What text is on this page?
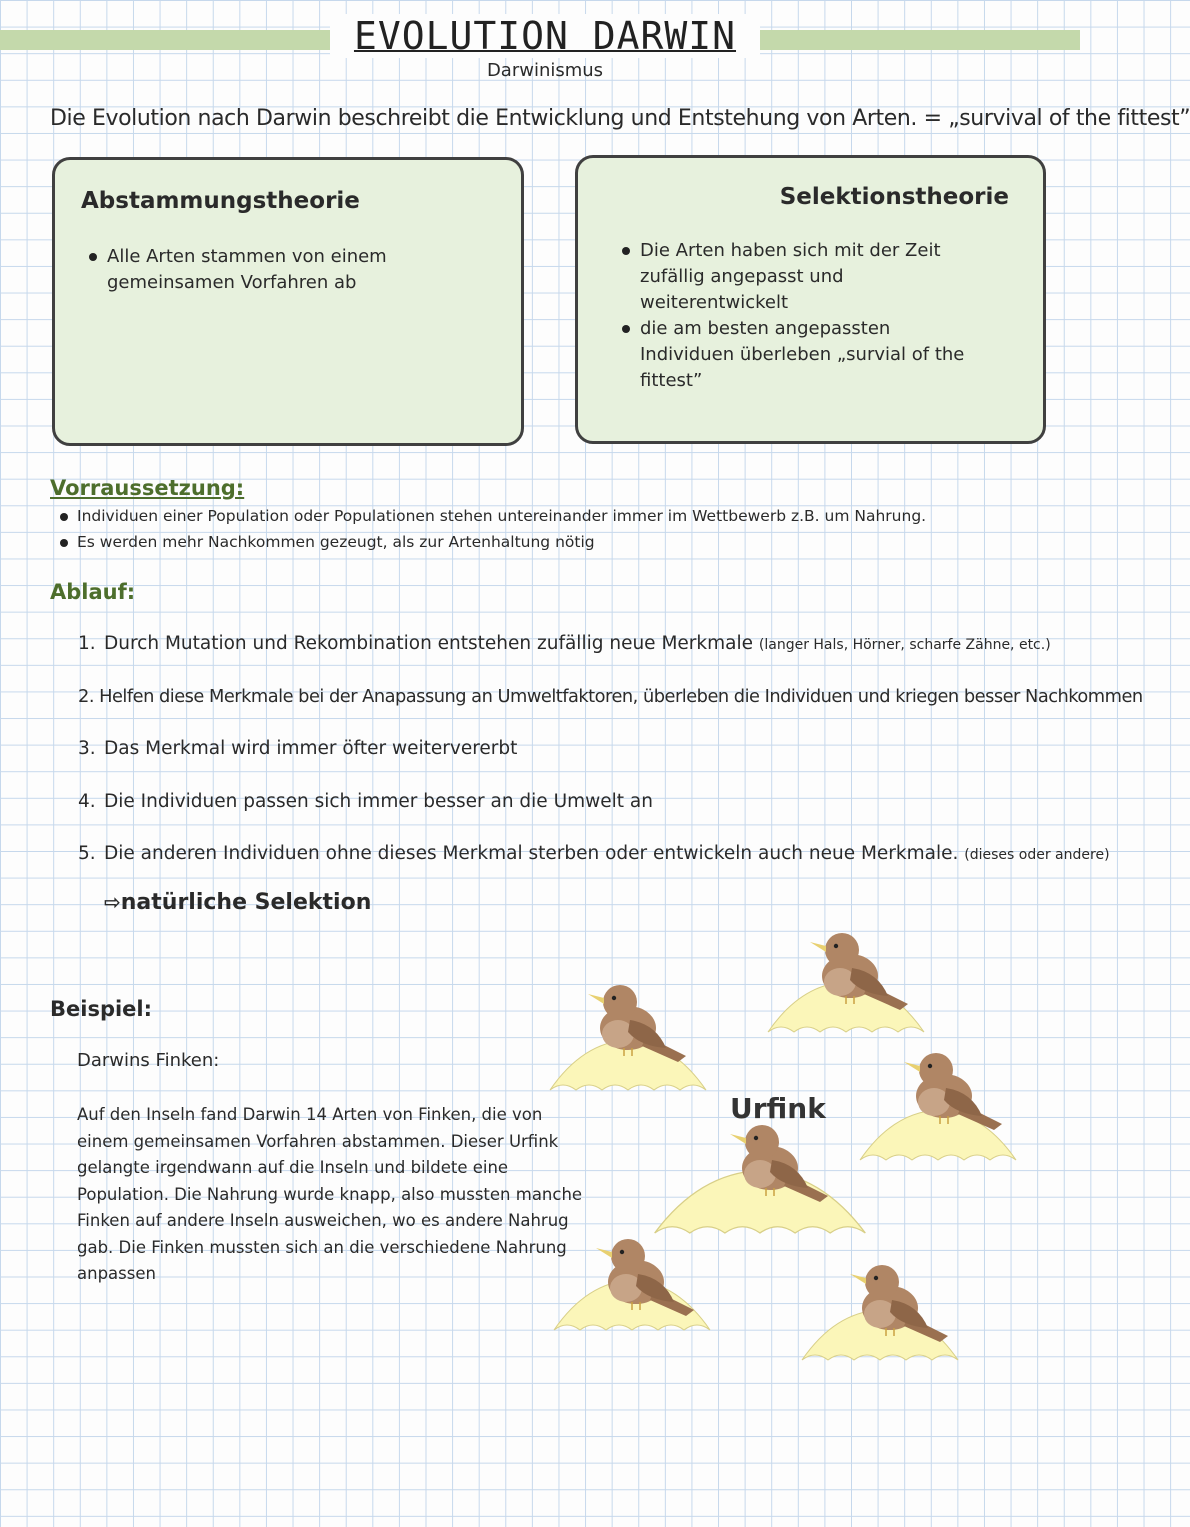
EVOLUTION DARWIN
Darwinismus
Die Evolution nach Darwin beschreibt die Entwicklung und Entstehung von Arten. = „survival of the fittest”
Abstammungstheorie
Alle Arten stammen von einem gemeinsamen Vorfahren ab
Selektionstheorie
Die Arten haben sich mit der Zeit zufällig angepasst und weiterentwickelt
die am besten angepassten Individuen überleben „survial of the fittest”
Vorraussetzung:
Individuen einer Population oder Populationen stehen untereinander immer im Wettbewerb z.B. um Nahrung.
Es werden mehr Nachkommen gezeugt, als zur Artenhaltung nötig
Ablauf:
1. Durch Mutation und Rekombination entstehen zufällig neue Merkmale (langer Hals, Hörner, scharfe Zähne, etc.)
2. Helfen diese Merkmale bei der Anapassung an Umweltfaktoren, überleben die Individuen und kriegen besser Nachkommen
3. Das Merkmal wird immer öfter weitervererbt
4. Die Individuen passen sich immer besser an die Umwelt an
5. Die anderen Individuen ohne dieses Merkmal sterben oder entwickeln auch neue Merkmale. (dieses oder andere)
⇨natürliche Selektion
Beispiel:
Darwins Finken:
Auf den Inseln fand Darwin 14 Arten von Finken, die von einem gemeinsamen Vorfahren abstammen. Dieser Urfink gelangte irgendwann auf die Inseln und bildete eine Population. Die Nahrung wurde knapp, also mussten manche Finken auf andere Inseln ausweichen, wo es andere Nahrug gab. Die Finken mussten sich an die verschiedene Nahrung anpassen
Urfink
